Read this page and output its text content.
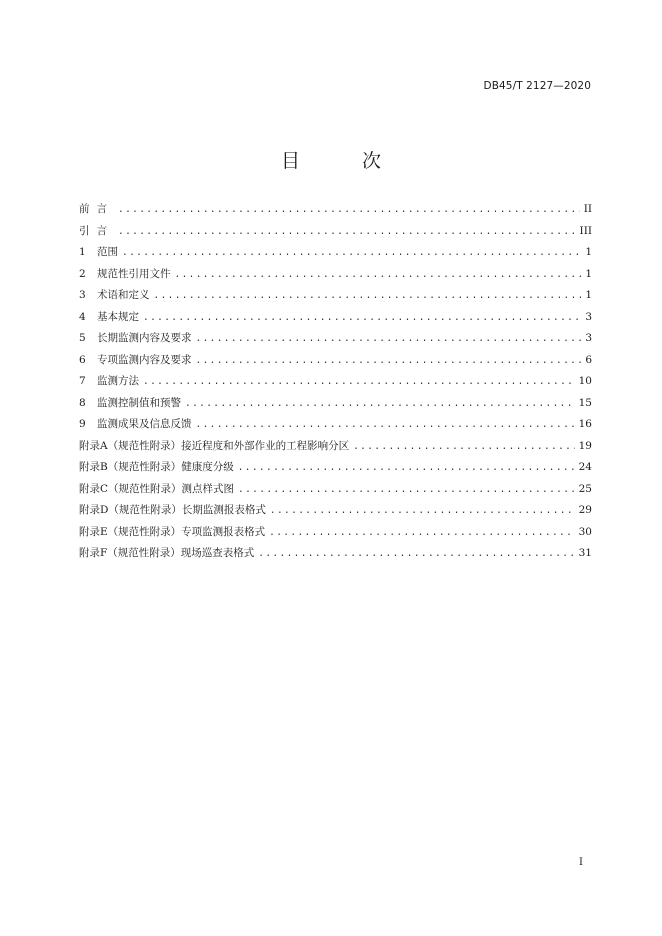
DB45/T 2127—2020
目 次
前言 .....	II
引言 .....	III
1 范围 .....	1
2 规范性引用文件 .....	1
3 术语和定义 .....	1
4 基本规定 .....	3
5 长期监测内容及要求 .....	3
6 专项监测内容及要求 .....	6
7 监测方法 .....	10
8 监测控制值和预警 .....	15
9 监测成果及信息反馈 .....	16
附录A（规范性附录）接近程度和外部作业的工程影响分区 .....	19
附录B（规范性附录）健康度分级 .....	24
附录C（规范性附录）测点样式图 .....	25
附录D（规范性附录）长期监测报表格式 .....	29
附录E（规范性附录）专项监测报表格式 .....	30
附录F（规范性附录）现场巡查表格式 .....	31
I
